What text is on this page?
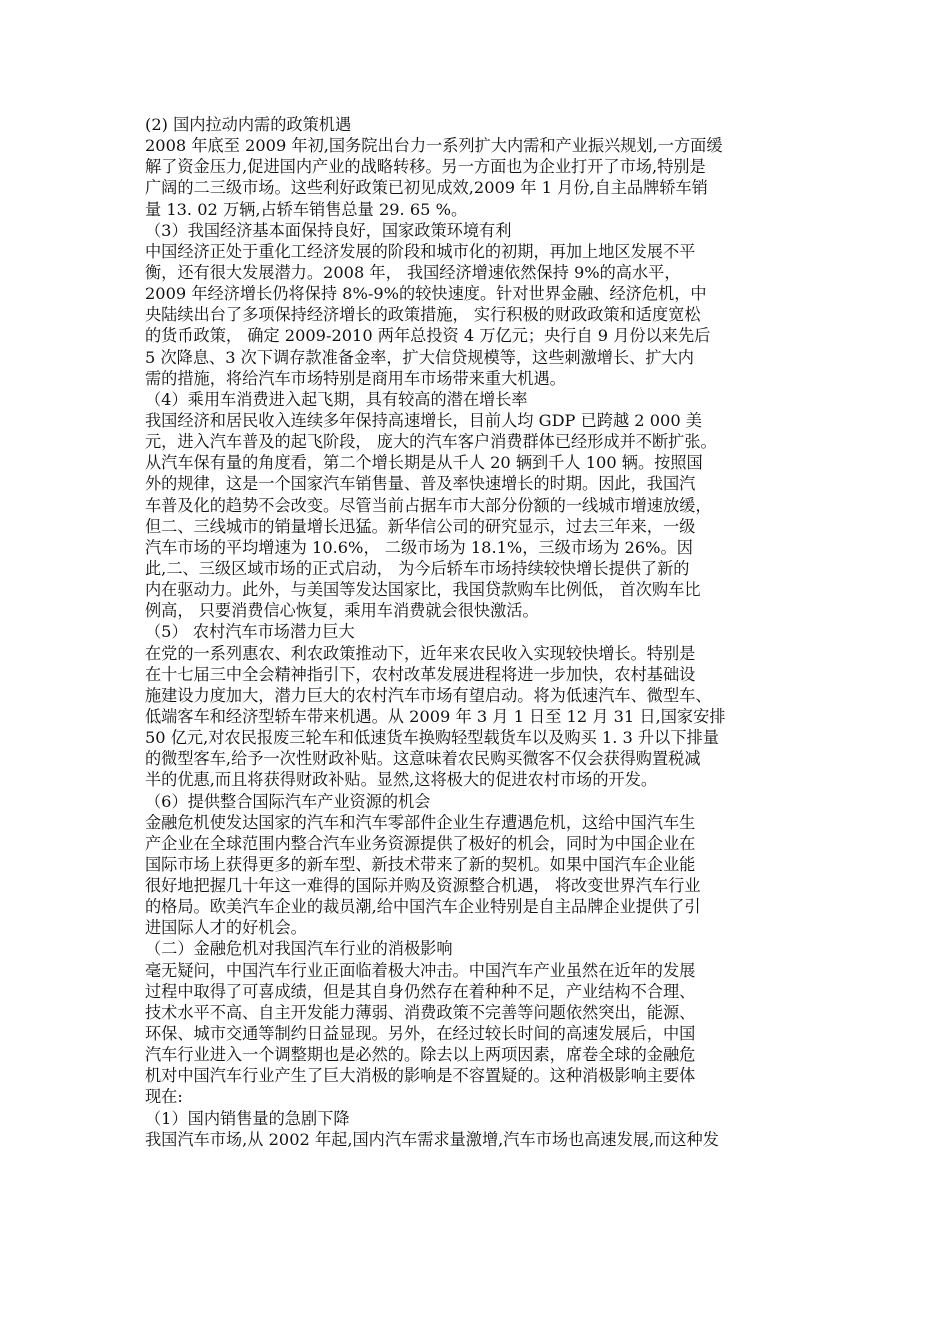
(2) 国内拉动内需的政策机遇
2008 年底至 2009 年初,国务院出台力一系列扩大内需和产业振兴规划,一方面缓
解了资金压力,促进国内产业的战略转移。另一方面也为企业打开了市场,特别是
广阔的二三级市场。这些利好政策已初见成效,2009 年 1 月份,自主品牌轿车销
量 13. 02 万辆,占轿车销售总量 29. 65 %。
（3）我国经济基本面保持良好，国家政策环境有利
中国经济正处于重化工经济发展的阶段和城市化的初期，再加上地区发展不平
衡，还有很大发展潜力。2008 年， 我国经济增速依然保持 9%的高水平，
2009 年经济增长仍将保持 8%-9%的较快速度。针对世界金融、经济危机，中
央陆续出台了多项保持经济增长的政策措施， 实行积极的财政政策和适度宽松
的货币政策， 确定 2009-2010 两年总投资 4 万亿元；央行自 9 月份以来先后
5 次降息、3 次下调存款准备金率，扩大信贷规模等，这些刺激增长、扩大内
需的措施，将给汽车市场特别是商用车市场带来重大机遇。
（4）乘用车消费进入起飞期，具有较高的潜在增长率
我国经济和居民收入连续多年保持高速增长，目前人均 GDP 已跨越 2 000 美
元，进入汽车普及的起飞阶段， 庞大的汽车客户消费群体已经形成并不断扩张。
从汽车保有量的角度看，第二个增长期是从千人 20 辆到千人 100 辆。按照国
外的规律，这是一个国家汽车销售量、普及率快速增长的时期。因此，我国汽
车普及化的趋势不会改变。尽管当前占据车市大部分份额的一线城市增速放缓，
但二、三线城市的销量增长迅猛。新华信公司的研究显示，过去三年来，一级
汽车市场的平均增速为 10.6%， 二级市场为 18.1%，三级市场为 26%。因
此,二、三级区域市场的正式启动， 为今后轿车市场持续较快增长提供了新的
内在驱动力。此外，与美国等发达国家比，我国贷款购车比例低， 首次购车比
例高， 只要消费信心恢复，乘用车消费就会很快激活。
（5） 农村汽车市场潜力巨大
在党的一系列惠农、利农政策推动下，近年来农民收入实现较快增长。特别是
在十七届三中全会精神指引下，农村改革发展进程将进一步加快，农村基础设
施建设力度加大，潜力巨大的农村汽车市场有望启动。将为低速汽车、微型车、
低端客车和经济型轿车带来机遇。从 2009 年 3 月 1 日至 12 月 31 日,国家安排
50 亿元,对农民报废三轮车和低速货车换购轻型载货车以及购买 1. 3 升以下排量
的微型客车,给予一次性财政补贴。这意味着农民购买微客不仅会获得购置税减
半的优惠,而且将获得财政补贴。显然,这将极大的促进农村市场的开发。
（6）提供整合国际汽车产业资源的机会
金融危机使发达国家的汽车和汽车零部件企业生存遭遇危机，这给中国汽车生
产企业在全球范围内整合汽车业务资源提供了极好的机会，同时为中国企业在
国际市场上获得更多的新车型、新技术带来了新的契机。如果中国汽车企业能
很好地把握几十年这一难得的国际并购及资源整合机遇， 将改变世界汽车行业
的格局。欧美汽车企业的裁员潮,给中国汽车企业特别是自主品牌企业提供了引
进国际人才的好机会。
（二）金融危机对我国汽车行业的消极影响
毫无疑问，中国汽车行业正面临着极大冲击。中国汽车产业虽然在近年的发展
过程中取得了可喜成绩，但是其自身仍然存在着种种不足，产业结构不合理、
技术水平不高、自主开发能力薄弱、消费政策不完善等问题依然突出，能源、
环保、城市交通等制约日益显现。另外，在经过较长时间的高速发展后，中国
汽车行业进入一个调整期也是必然的。除去以上两项因素，席卷全球的金融危
机对中国汽车行业产生了巨大消极的影响是不容置疑的。这种消极影响主要体
现在:
（1）国内销售量的急剧下降
我国汽车市场,从 2002 年起,国内汽车需求量激增,汽车市场也高速发展,而这种发
